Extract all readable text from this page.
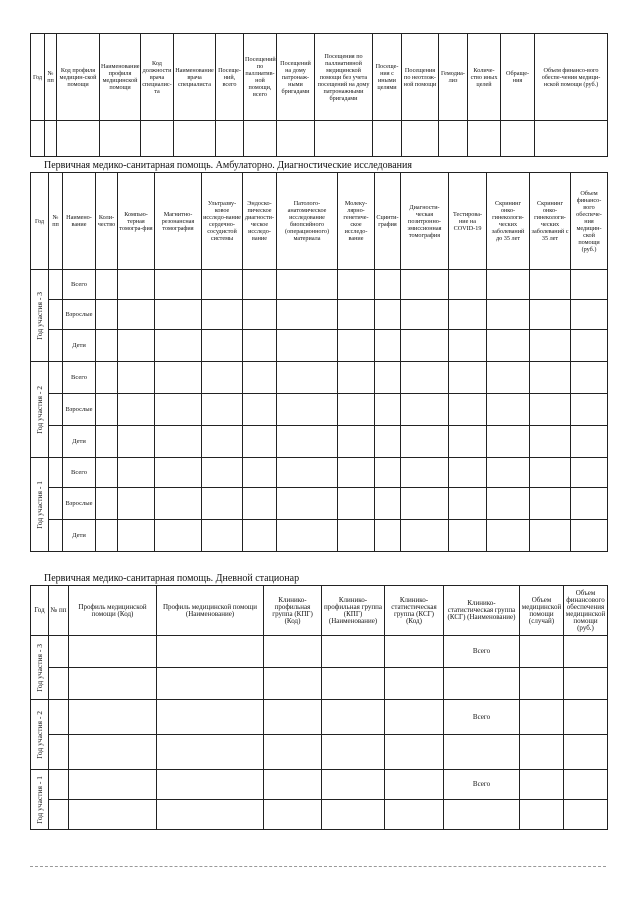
Год	№ пп	Код профиля медицин-ской помощи	Наименование профиля медицинской помощи	Код должности врача специалис-та	Наименование врача специалиста	Посеще-ний, всего	Посещений по паллиатив-ной помощи, всего	Посещений на дому патронаж-ными бригадами	Посещения по паллиативной медицинской помощи без учета посещений на дому патронажными бригадами	Посеще-ния с иными целями	Посещения по неотлож-ной помощи	Гемодиа-лиз	Количе-ство иных целей	Обраще-ния	Объем финансо-вого обеспе-чения медици-нской помощи (руб.)

Первичная медико-санитарная помощь. Амбулаторно. Диагностические исследования
Год	№ пп	Наимено-вание	Коли-чество	Компью-терная томогра-фия	Магнитно-резонансная томография	Ультразву-ковое исследо-вание сердечно-сосудистой системы	Эндоско-пическое диагности-ческое исследо-вание	Патолого-анатомическое исследование биопсийного (операционного) материала	Молеку-лярно-генетиче-ское исследо-вание	Сцинти-графия	Диагности-ческая позитронно-эмиссионная томография	Тестирова-ние на COVID-19	Скрининг онко-гинекологи-ческих заболеваний до 35 лет	Скрининг онко-гинекологи-ческих заболеваний с 35 лет	Объем финансо-вого обеспече-ния медицин-ской помощи (руб.)

Год участия - 3		Всего													
		Взрослые													
		Дети													

Год участия - 2		Всего													
		Взрослые													
		Дети													

Год участия - 1		Всего													
		Взрослые													
		Дети													
Первичная медико-санитарная помощь. Дневной стационар
Год	№ пп	Профиль медицинской помощи (Код)	Профиль медицинской помощи (Наименование)	Клинико-профильная группа (КПГ) (Код)	Клинико-профильная группа (КПГ) (Наименование)	Клинико-статистическая группа (КСГ) (Код)	Клинико-статистическая группа (КСГ) (Наименование)	Объем медицинской помощи (случай)	Объем финансового обеспечения медицинской помощи (руб.)

Год участия - 3							Всего		

Год участия - 2							Всего		

Год участия - 1							Всего		
